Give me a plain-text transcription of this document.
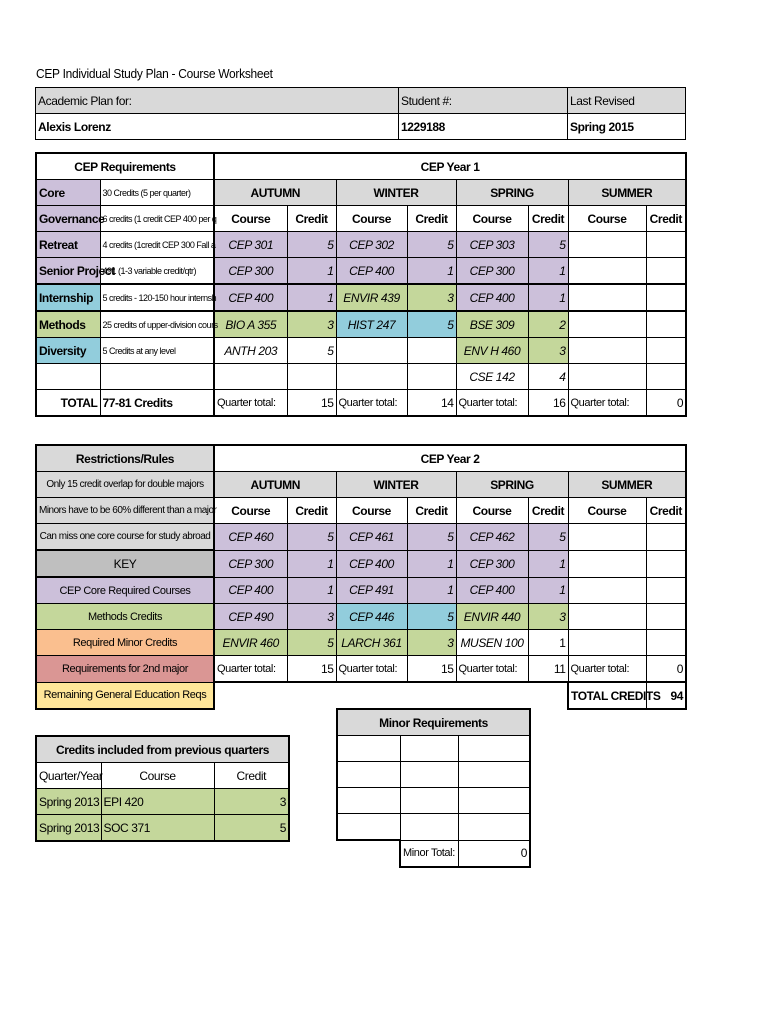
CEP Individual Study Plan - Course Worksheet
Academic Plan for:	Student #:	Last Revised
Alexis Lorenz	1229188	Spring 2015
CEP Requirements		CEP Year 1							
Core	30 Credits (5 per quarter)	AUTUMN		WINTER		SPRING		SUMMER	
Governance	6 credits (1 credit CEP 400 per q	Course	Credit	Course	Credit	Course	Credit	Course	Credit
Retreat	4 credits (1credit CEP 300 Fall a	CEP 301	5	CEP 302	5	CEP 303	5		
Senior Project	491 (1-3 variable credit/qtr)	CEP 300	1	CEP 400	1	CEP 300	1		
Internship	5 credits - 120-150 hour internsh	CEP 400	1	ENVIR 439	3	CEP 400	1		
Methods	25 credits of upper-division cours	BIO A 355	3	HIST 247	5	BSE 309	2		
Diversity	5 Credits at any level	ANTH 203	5			ENV H 460	3		
						CSE 142	4		
TOTAL	77-81 Credits	Quarter total:	15	Quarter total:	14	Quarter total:	16	Quarter total:	0
Restrictions/Rules	CEP Year 2							
Only 15 credit overlap for double majors	AUTUMN		WINTER		SPRING		SUMMER	
Minors have to be 60% different than a major	Course	Credit	Course	Credit	Course	Credit	Course	Credit
Can miss one core course for study abroad	CEP 460	5	CEP 461	5	CEP 462	5		
KEY	CEP 300	1	CEP 400	1	CEP 300	1		
CEP Core Required Courses	CEP 400	1	CEP 491	1	CEP 400	1		
Methods Credits	CEP 490	3	CEP 446	5	ENVIR 440	3		
Required Minor Credits	ENVIR 460	5	LARCH 361	3	MUSEN 100	1		
Requirements for 2nd major	Quarter total:	15	Quarter total:	15	Quarter total:	11	Quarter total:	0
Remaining General Education Reqs							TOTAL CREDITS	94
Credits included from previous quarters		
Quarter/Year	Course	Credit
Spring 2013	EPI 420	3
Spring 2013	SOC 371	5
Minor Requirements		

	Minor Total:	0
